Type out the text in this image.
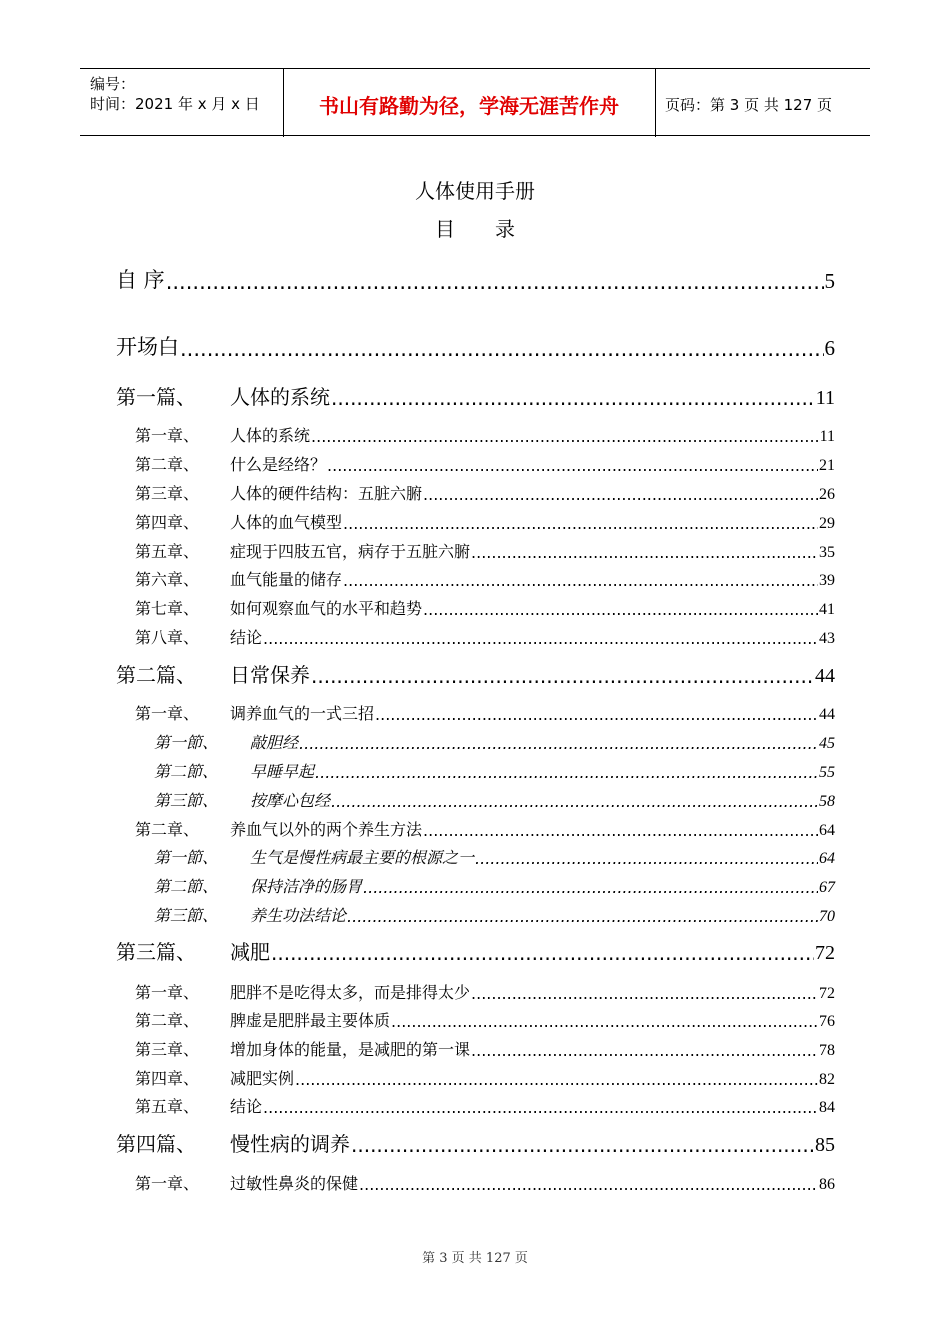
编号：
时间：2021 年 x 月 x 日	书山有路勤为径，学海无涯苦作舟	页码：第 3 页 共 127 页
人体使用手册
目　　录
自 序 .....	5
开场白 .....	6
第一篇、	人体的系统 .....	11
第一章、	人体的系统 .....	11
第二章、	什么是经络？ .....	21
第三章、	人体的硬件结构：五脏六腑 .....	26
第四章、	人体的血气模型 .....	29
第五章、	症现于四肢五官，病存于五脏六腑 .....	35
第六章、	血气能量的储存 .....	39
第七章、	如何观察血气的水平和趋势 .....	41
第八章、	结论 .....	43
第二篇、	日常保养 .....	44
第一章、	调养血气的一式三招 .....	44
第一節、	敲胆经 .....	45
第二節、	早睡早起 .....	55
第三節、	按摩心包经 .....	58
第二章、	养血气以外的两个养生方法 .....	64
第一節、	生气是慢性病最主要的根源之一 .....	64
第二節、	保持洁净的肠胃 .....	67
第三節、	养生功法结论 .....	70
第三篇、	减肥 .....	72
第一章、	肥胖不是吃得太多，而是排得太少 .....	72
第二章、	脾虚是肥胖最主要体质 .....	76
第三章、	增加身体的能量，是减肥的第一课 .....	78
第四章、	减肥实例 .....	82
第五章、	结论 .....	84
第四篇、	慢性病的调养 .....	85
第一章、	过敏性鼻炎的保健 .....	86
第 3 页 共 127 页
